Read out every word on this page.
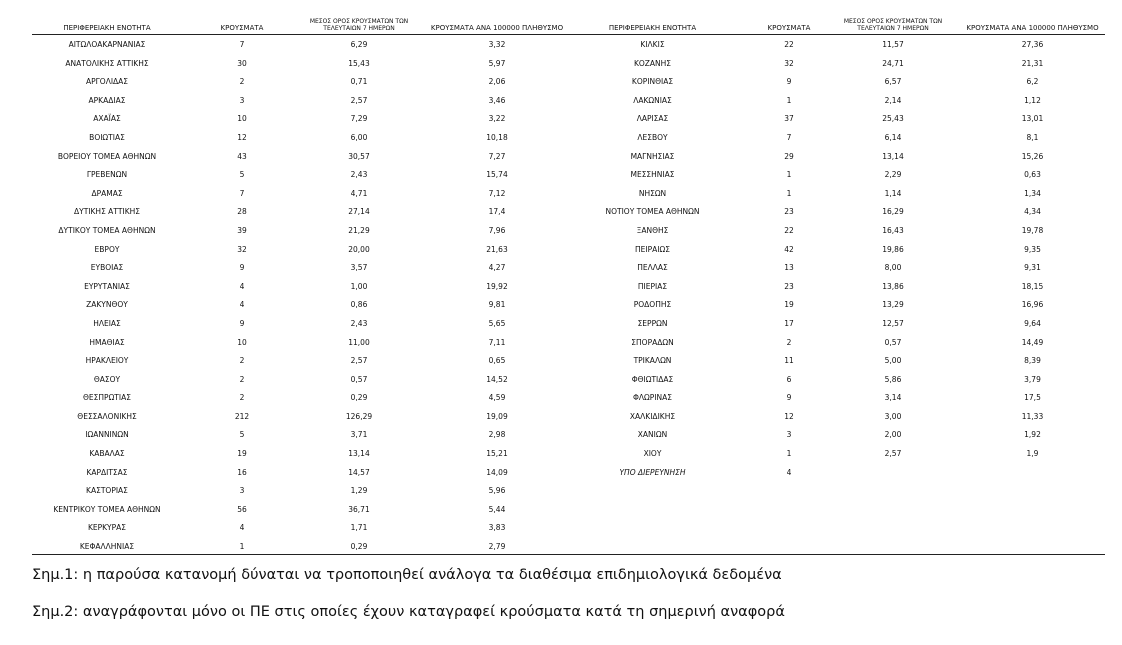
ΠΕΡΙΦΕΡΕΙΑΚΗ ΕΝΟΤΗΤΑ	ΚΡΟΥΣΜΑΤΑ
ΜΕΣΟΣ ΟΡΟΣ ΚΡΟΥΣΜΑΤΩΝ ΤΩΝ
ΤΕΛΕΥΤΑΙΩΝ 7 ΗΜΕΡΩΝ	ΚΡΟΥΣΜΑΤΑ ΑΝΑ 100000 ΠΛΗΘΥΣΜΟ
ΑΙΤΩΛΟΑΚΑΡΝΑΝΙΑΣ	7	6,29	3,32
ΑΝΑΤΟΛΙΚΗΣ ΑΤΤΙΚΗΣ	30	15,43	5,97
ΑΡΓΟΛΙΔΑΣ	2	0,71	2,06
ΑΡΚΑΔΙΑΣ	3	2,57	3,46
ΑΧΑΪΑΣ	10	7,29	3,22
ΒΟΙΩΤΙΑΣ	12	6,00	10,18
ΒΟΡΕΙΟΥ ΤΟΜΕΑ ΑΘΗΝΩΝ	43	30,57	7,27
ΓΡΕΒΕΝΩΝ	5	2,43	15,74
ΔΡΑΜΑΣ	7	4,71	7,12
ΔΥΤΙΚΗΣ ΑΤΤΙΚΗΣ	28	27,14	17,4
ΔΥΤΙΚΟΥ ΤΟΜΕΑ ΑΘΗΝΩΝ	39	21,29	7,96
ΕΒΡΟΥ	32	20,00	21,63
ΕΥΒΟΙΑΣ	9	3,57	4,27
ΕΥΡΥΤΑΝΙΑΣ	4	1,00	19,92
ΖΑΚΥΝΘΟΥ	4	0,86	9,81
ΗΛΕΙΑΣ	9	2,43	5,65
ΗΜΑΘΙΑΣ	10	11,00	7,11
ΗΡΑΚΛΕΙΟΥ	2	2,57	0,65
ΘΑΣΟΥ	2	0,57	14,52
ΘΕΣΠΡΩΤΙΑΣ	2	0,29	4,59
ΘΕΣΣΑΛΟΝΙΚΗΣ	212	126,29	19,09
ΙΩΑΝΝΙΝΩΝ	5	3,71	2,98
ΚΑΒΑΛΑΣ	19	13,14	15,21
ΚΑΡΔΙΤΣΑΣ	16	14,57	14,09
ΚΑΣΤΟΡΙΑΣ	3	1,29	5,96
ΚΕΝΤΡΙΚΟΥ ΤΟΜΕΑ ΑΘΗΝΩΝ	56	36,71	5,44
ΚΕΡΚΥΡΑΣ	4	1,71	3,83
ΚΕΦΑΛΛΗΝΙΑΣ	1	0,29	2,79
ΠΕΡΙΦΕΡΕΙΑΚΗ ΕΝΟΤΗΤΑ	ΚΡΟΥΣΜΑΤΑ
ΜΕΣΟΣ ΟΡΟΣ ΚΡΟΥΣΜΑΤΩΝ ΤΩΝ
ΤΕΛΕΥΤΑΙΩΝ 7 ΗΜΕΡΩΝ	ΚΡΟΥΣΜΑΤΑ ΑΝΑ 100000 ΠΛΗΘΥΣΜΟ
ΚΙΛΚΙΣ	22	11,57	27,36
ΚΟΖΑΝΗΣ	32	24,71	21,31
ΚΟΡΙΝΘΙΑΣ	9	6,57	6,2
ΛΑΚΩΝΙΑΣ	1	2,14	1,12
ΛΑΡΙΣΑΣ	37	25,43	13,01
ΛΕΣΒΟΥ	7	6,14	8,1
ΜΑΓΝΗΣΙΑΣ	29	13,14	15,26
ΜΕΣΣΗΝΙΑΣ	1	2,29	0,63
ΝΗΣΩΝ	1	1,14	1,34
ΝΟΤΙΟΥ ΤΟΜΕΑ ΑΘΗΝΩΝ	23	16,29	4,34
ΞΑΝΘΗΣ	22	16,43	19,78
ΠΕΙΡΑΙΩΣ	42	19,86	9,35
ΠΕΛΛΑΣ	13	8,00	9,31
ΠΙΕΡΙΑΣ	23	13,86	18,15
ΡΟΔΟΠΗΣ	19	13,29	16,96
ΣΕΡΡΩΝ	17	12,57	9,64
ΣΠΟΡΑΔΩΝ	2	0,57	14,49
ΤΡΙΚΑΛΩΝ	11	5,00	8,39
ΦΘΙΩΤΙΔΑΣ	6	5,86	3,79
ΦΛΩΡΙΝΑΣ	9	3,14	17,5
ΧΑΛΚΙΔΙΚΗΣ	12	3,00	11,33
ΧΑΝΙΩΝ	3	2,00	1,92
ΧΙΟΥ	1	2,57	1,9
ΥΠΟ ΔΙΕΡΕΥΝΗΣΗ	4
Σημ.1: η παρούσα κατανομή δύναται να τροποποιηθεί ανάλογα τα διαθέσιμα επιδημιολογικά δεδομένα
Σημ.2: αναγράφονται μόνο οι ΠΕ στις οποίες έχουν καταγραφεί κρούσματα κατά τη σημερινή αναφορά
